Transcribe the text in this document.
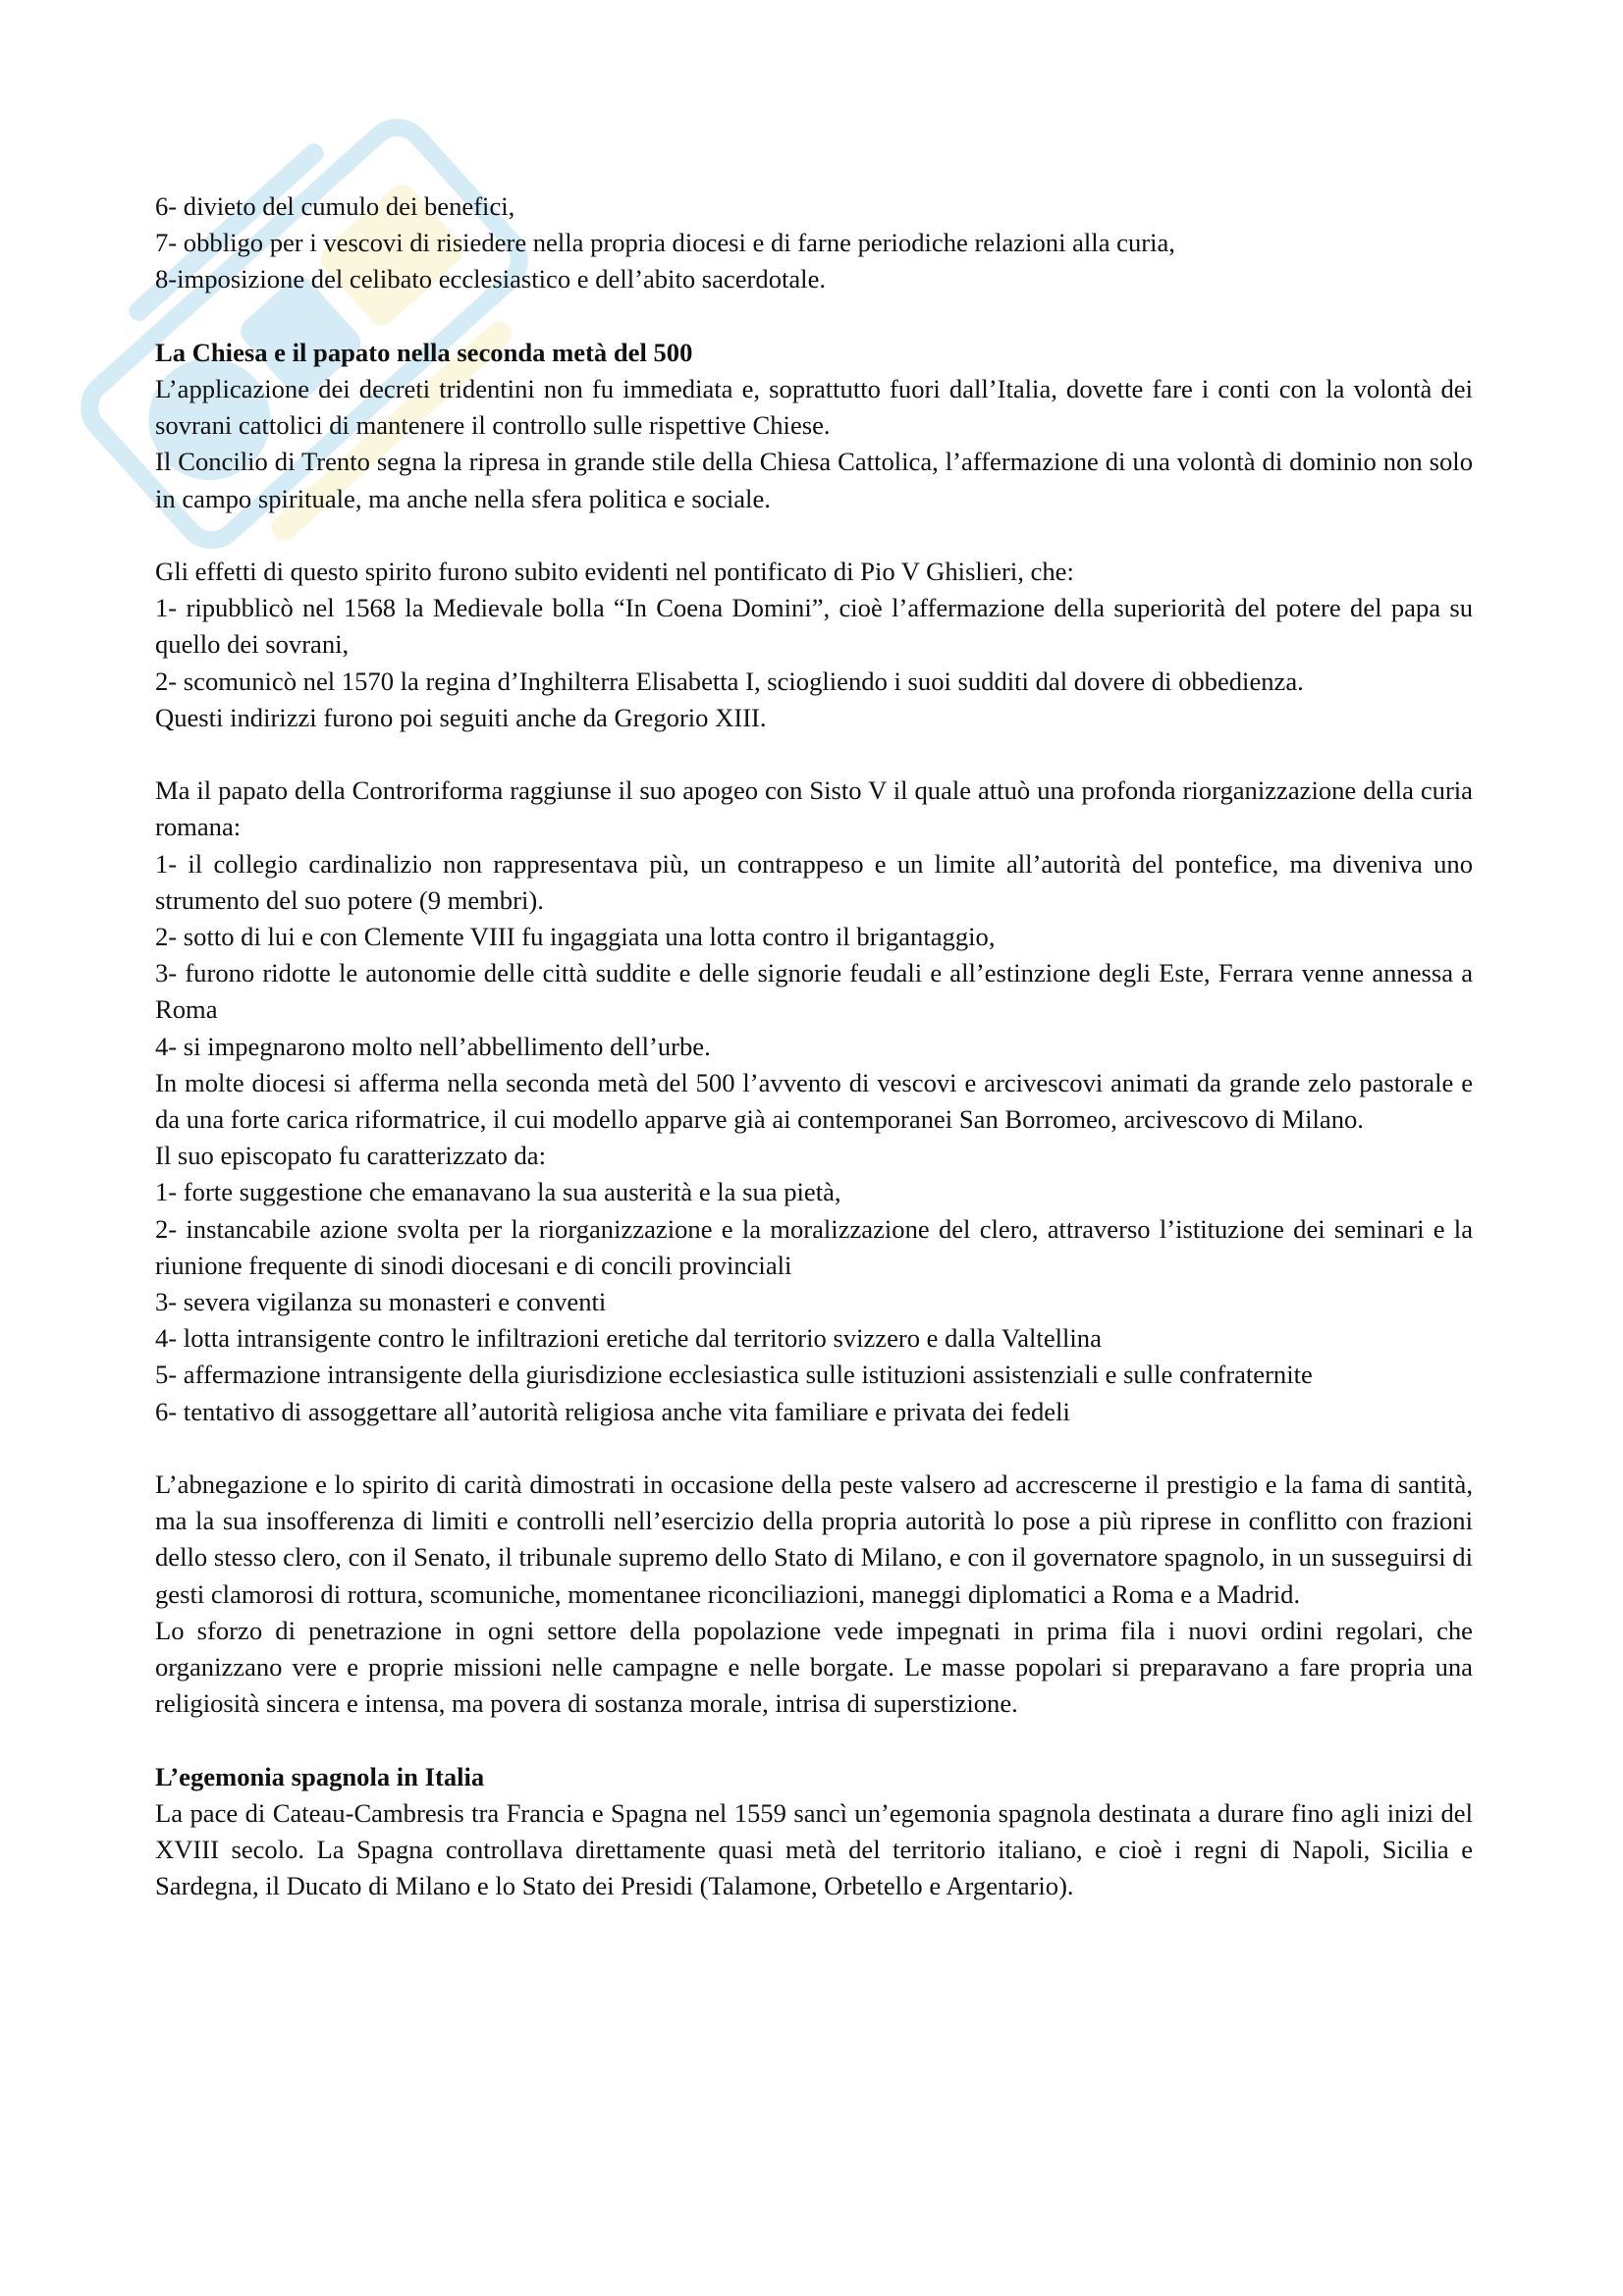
6- divieto del cumulo dei benefici,
7- obbligo per i vescovi di risiedere nella propria diocesi e di farne periodiche relazioni alla curia,
8-imposizione del celibato ecclesiastico e dell’abito sacerdotale.
La Chiesa e il papato nella seconda metà del 500

L’applicazione dei decreti tridentini non fu immediata e, soprattutto fuori dall’Italia, dovette fare i conti con la volontà dei sovrani cattolici di mantenere il controllo sulle rispettive Chiese.

Il Concilio di Trento segna la ripresa in grande stile della Chiesa Cattolica, l’affermazione di una volontà di dominio non solo in campo spirituale, ma anche nella sfera politica e sociale.

Gli effetti di questo spirito furono subito evidenti nel pontificato di Pio V Ghislieri, che:

1- ripubblicò nel 1568 la Medievale bolla “In Coena Domini”, cioè l’affermazione della superiorità del potere del papa su quello dei sovrani,

2- scomunicò nel 1570 la regina d’Inghilterra Elisabetta I, sciogliendo i suoi sudditi dal dovere di obbedienza.

Questi indirizzi furono poi seguiti anche da Gregorio XIII.

Ma il papato della Controriforma raggiunse il suo apogeo con Sisto V il quale attuò una profonda riorganizzazione della curia romana:

1- il collegio cardinalizio non rappresentava più, un contrappeso e un limite all’autorità del pontefice, ma diveniva uno strumento del suo potere (9 membri).

2- sotto di lui e con Clemente VIII fu ingaggiata una lotta contro il brigantaggio,

3- furono ridotte le autonomie delle città suddite e delle signorie feudali e all’estinzione degli Este, Ferrara venne annessa a Roma

4- si impegnarono molto nell’abbellimento dell’urbe.

In molte diocesi si afferma nella seconda metà del 500 l’avvento di vescovi e arcivescovi animati da grande zelo pastorale e da una forte carica riformatrice, il cui modello apparve già ai contemporanei San Borromeo, arcivescovo di Milano.

Il suo episcopato fu caratterizzato da:

1- forte suggestione che emanavano la sua austerità e la sua pietà,

2- instancabile azione svolta per la riorganizzazione e la moralizzazione del clero, attraverso l’istituzione dei seminari e la riunione frequente di sinodi diocesani e di concili provinciali

3- severa vigilanza su monasteri e conventi

4- lotta intransigente contro le infiltrazioni eretiche dal territorio svizzero e dalla Valtellina

5- affermazione intransigente della giurisdizione ecclesiastica sulle istituzioni assistenziali e sulle confraternite

6- tentativo di assoggettare all’autorità religiosa anche vita familiare e privata dei fedeli

L’abnegazione e lo spirito di carità dimostrati in occasione della peste valsero ad accrescerne il prestigio e la fama di santità, ma la sua insofferenza di limiti e controlli nell’esercizio della propria autorità lo pose a più riprese in conflitto con frazioni dello stesso clero, con il Senato, il tribunale supremo dello Stato di Milano, e con il governatore spagnolo, in un susseguirsi di gesti clamorosi di rottura, scomuniche, momentanee riconciliazioni, maneggi diplomatici a Roma e a Madrid.

Lo sforzo di penetrazione in ogni settore della popolazione vede impegnati in prima fila i nuovi ordini regolari, che organizzano vere e proprie missioni nelle campagne e nelle borgate. Le masse popolari si preparavano a fare propria una religiosità sincera e intensa, ma povera di sostanza morale, intrisa di superstizione.

L’egemonia spagnola in Italia

La pace di Cateau-Cambresis tra Francia e Spagna nel 1559 sancì un’egemonia spagnola destinata a durare fino agli inizi del XVIII secolo. La Spagna controllava direttamente quasi metà del territorio italiano, e cioè i regni di Napoli, Sicilia e Sardegna, il Ducato di Milano e lo Stato dei Presidi (Talamone, Orbetello e Argentario).
